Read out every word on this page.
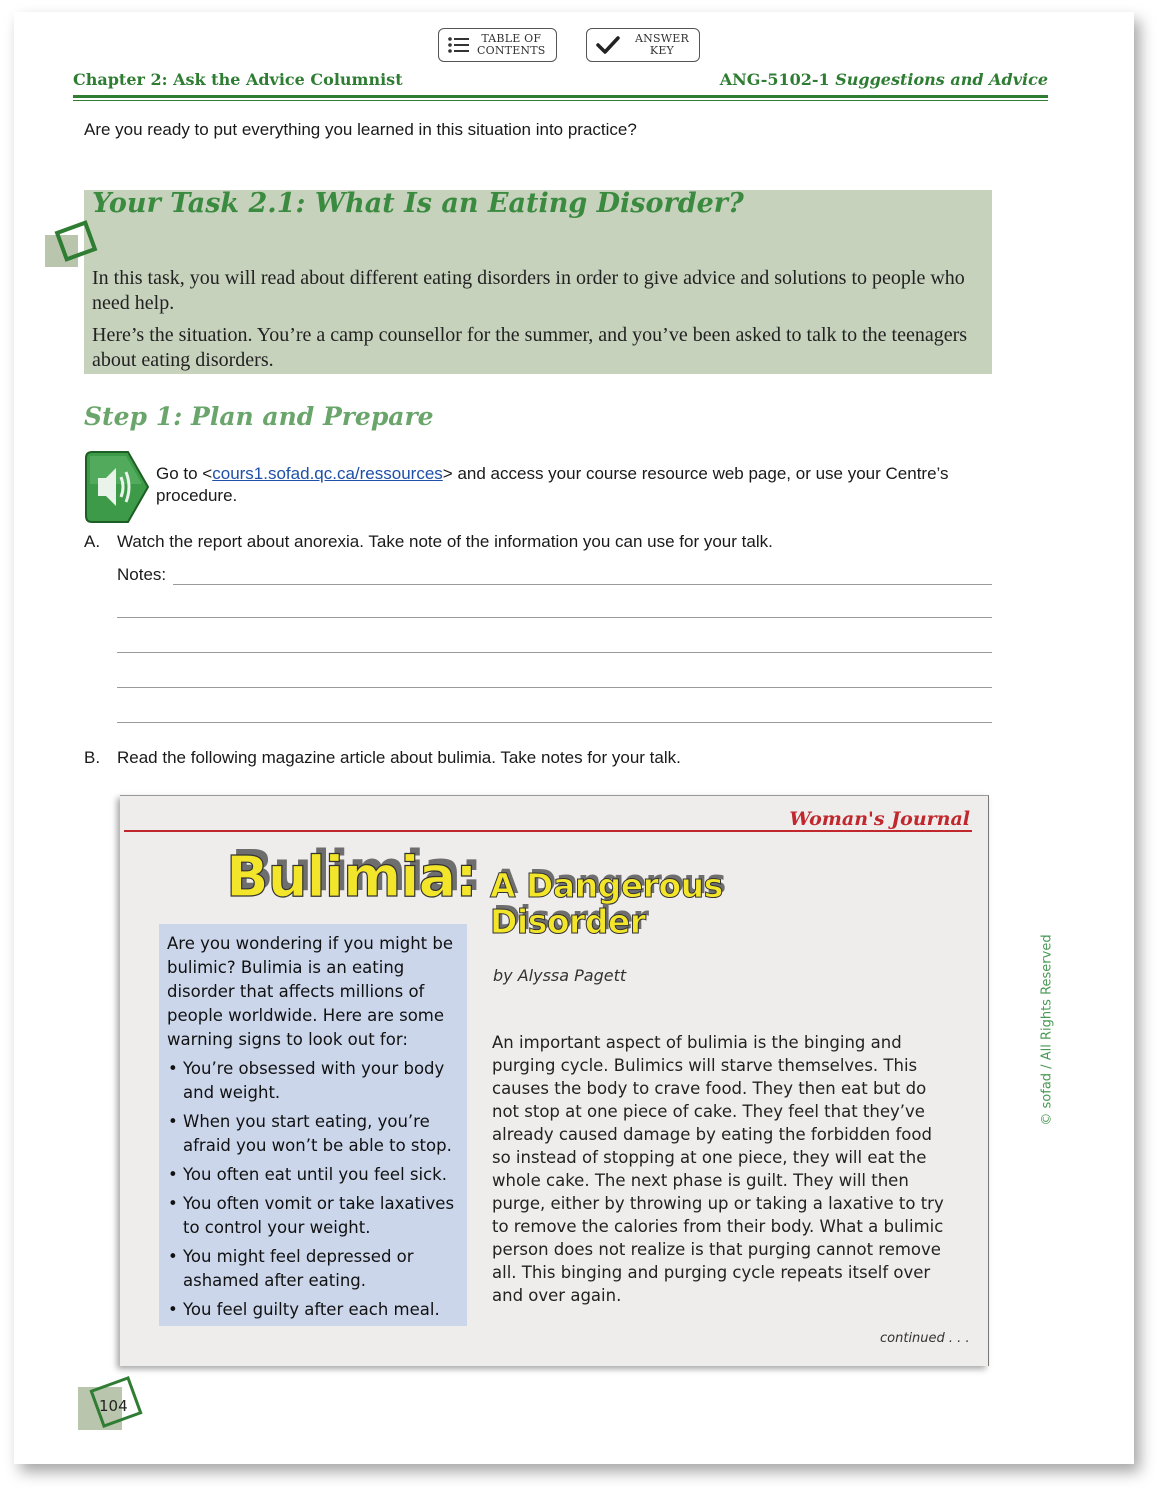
TABLE OF
CONTENTS
ANSWER
KEY
Chapter 2: Ask the Advice Columnist	ANG-5102-1 Suggestions and Advice
Are you ready to put everything you learned in this situation into practice?
Your Task 2.1: What Is an Eating Disorder?
In this task, you will read about different eating disorders in order to give advice and solutions to people who need help.
Here’s the situation. You’re a camp counsellor for the summer, and you’ve been asked to talk to the teenagers about eating disorders.
Step 1: Plan and Prepare
Go to <cours1.sofad.qc.ca/ressources> and access your course resource web page, or use your Centre’s procedure.
A. Watch the report about anorexia. Take note of the information you can use for your talk.
Notes:
B. Read the following magazine article about bulimia. Take notes for your talk.
Woman's Journal
Bulimia: A Dangerous Disorder
by Alyssa Pagett
Are you wondering if you might be bulimic? Bulimia is an eating disorder that affects millions of people worldwide. Here are some warning signs to look out for:
• You’re obsessed with your body and weight.
• When you start eating, you’re afraid you won’t be able to stop.
• You often eat until you feel sick.
• You often vomit or take laxatives to control your weight.
• You might feel depressed or ashamed after eating.
• You feel guilty after each meal.
An important aspect of bulimia is the binging and purging cycle. Bulimics will starve themselves. This causes the body to crave food. They then eat but do not stop at one piece of cake. They feel that they’ve already caused damage by eating the forbidden food so instead of stopping at one piece, they will eat the whole cake. The next phase is guilt. They will then purge, either by throwing up or taking a laxative to try to remove the calories from their body. What a bulimic person does not realize is that purging cannot remove all. This binging and purging cycle repeats itself over and over again.
continued . . .
© sofad / All Rights Reserved
104
